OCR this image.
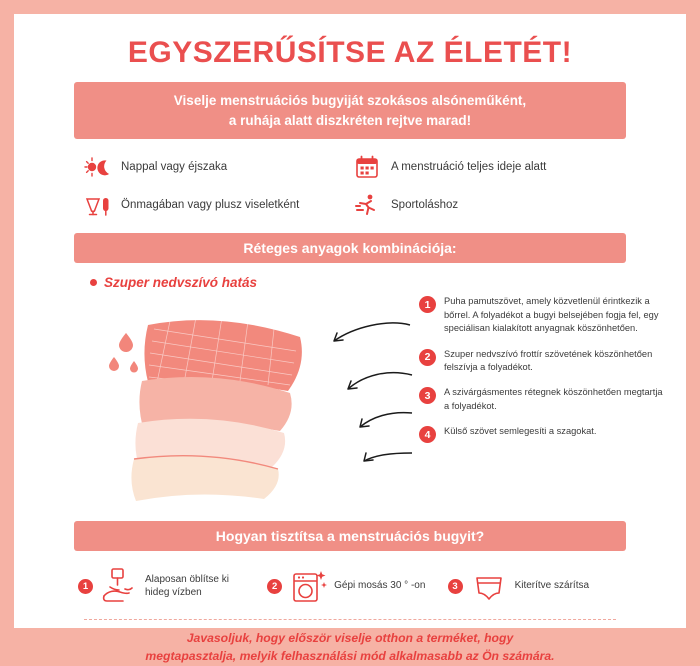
EGYSZERŰSÍTSE AZ ÉLETÉT!
Viselje menstruációs bugyiját szokásos alsóneműként,
a ruhája alatt diszkréten rejtve marad!
Nappal vagy éjszaka	A menstruáció teljes ideje alatt
Önmagában vagy plusz viseletként	Sportoláshoz
Réteges anyagok kombinációja:
Szuper nedvszívó hatás
1	Puha pamutszövet, amely közvetlenül érintkezik a bőrrel. A folyadékot a bugyi belsejében fogja fel, egy speciálisan kialakított anyagnak köszönhetően.
2	Szuper nedvszívó frottír szövetének köszönhetően felszívja a folyadékot.
3	A szivárgásmentes rétegnek köszönhetően megtartja a folyadékot.
4	Külső szövet semlegesíti a szagokat.
Hogyan tisztítsa a menstruációs bugyit?
1
Alaposan öblítse ki
hideg vízben
2	Gépi mosás 30 ° -on	3	Kiterítve szárítsa
Javasoljuk, hogy először viselje otthon a terméket, hogy
megtapasztalja, melyik felhasználási mód alkalmasabb az Ön számára.
